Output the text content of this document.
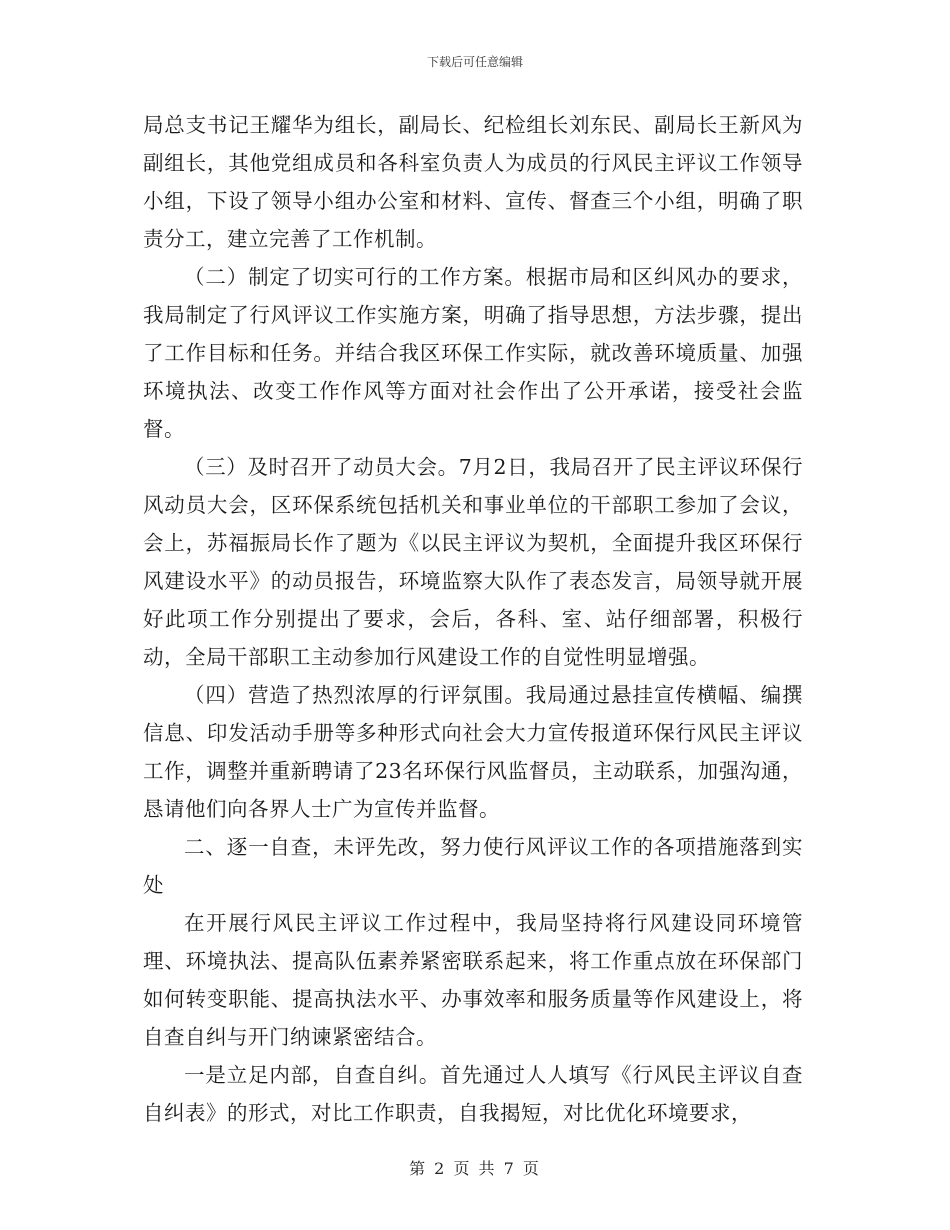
下载后可任意编辑

局总支书记王耀华为组长，副局长、纪检组长刘东民、副局长王新风为副组长，其他党组成员和各科室负责人为成员的行风民主评议工作领导小组，下设了领导小组办公室和材料、宣传、督查三个小组，明确了职责分工，建立完善了工作机制。

（二）制定了切实可行的工作方案。根据市局和区纠风办的要求，我局制定了行风评议工作实施方案，明确了指导思想，方法步骤，提出了工作目标和任务。并结合我区环保工作实际，就改善环境质量、加强环境执法、改变工作作风等方面对社会作出了公开承诺，接受社会监督。

（三）及时召开了动员大会。7月2日，我局召开了民主评议环保行风动员大会，区环保系统包括机关和事业单位的干部职工参加了会议，会上，苏福振局长作了题为《以民主评议为契机，全面提升我区环保行风建设水平》的动员报告，环境监察大队作了表态发言，局领导就开展好此项工作分别提出了要求，会后，各科、室、站仔细部署，积极行动，全局干部职工主动参加行风建设工作的自觉性明显增强。

（四）营造了热烈浓厚的行评氛围。我局通过悬挂宣传横幅、编撰信息、印发活动手册等多种形式向社会大力宣传报道环保行风民主评议工作，调整并重新聘请了23名环保行风监督员，主动联系，加强沟通，恳请他们向各界人士广为宣传并监督。

二、逐一自查，未评先改，努力使行风评议工作的各项措施落到实处

在开展行风民主评议工作过程中，我局坚持将行风建设同环境管理、环境执法、提高队伍素养紧密联系起来，将工作重点放在环保部门如何转变职能、提高执法水平、办事效率和服务质量等作风建设上，将自查自纠与开门纳谏紧密结合。

一是立足内部，自查自纠。首先通过人人填写《行风民主评议自查自纠表》的形式，对比工作职责，自我揭短，对比优化环境要求，

第 2 页 共 7 页
